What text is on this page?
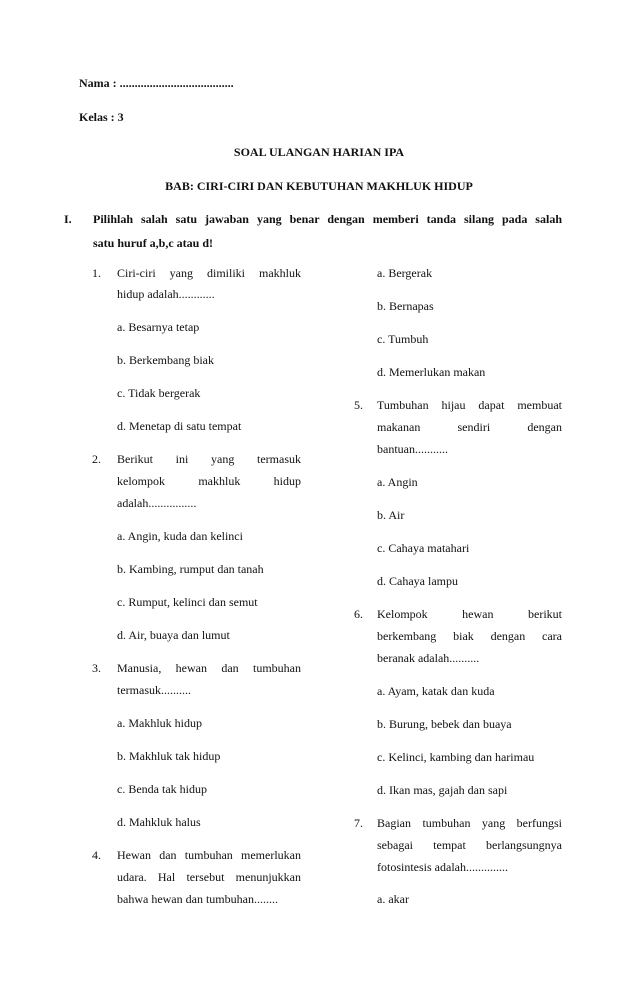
Nama : ......................................
Kelas : 3
SOAL ULANGAN HARIAN IPA
BAB: CIRI-CIRI DAN KEBUTUHAN MAKHLUK HIDUP
I. Pilihlah salah satu jawaban yang benar dengan memberi tanda silang pada salah
satu huruf a,b,c atau d!
1. Ciri-ciri yang dimiliki makhluk
hidup adalah............
a. Besarnya tetap
b. Berkembang biak
c. Tidak bergerak
d. Menetap di satu tempat
2. Berikut ini yang termasuk
kelompok makhluk hidup
adalah................
a. Angin, kuda dan kelinci
b. Kambing, rumput dan tanah
c. Rumput, kelinci dan semut
d. Air, buaya dan lumut
3. Manusia, hewan dan tumbuhan
termasuk..........
a. Makhluk hidup
b. Makhluk tak hidup
c. Benda tak hidup
d. Mahkluk halus
4. Hewan dan tumbuhan memerlukan
udara. Hal tersebut menunjukkan
bahwa hewan dan tumbuhan........
a. Bergerak
b. Bernapas
c. Tumbuh
d. Memerlukan makan
5. Tumbuhan hijau dapat membuat
makanan sendiri dengan
bantuan...........
a. Angin
b. Air
c. Cahaya matahari
d. Cahaya lampu
6. Kelompok hewan berikut
berkembang biak dengan cara
beranak adalah..........
a. Ayam, katak dan kuda
b. Burung, bebek dan buaya
c. Kelinci, kambing dan harimau
d. Ikan mas, gajah dan sapi
7. Bagian tumbuhan yang berfungsi
sebagai tempat berlangsungnya
fotosintesis adalah..............
a. akar
